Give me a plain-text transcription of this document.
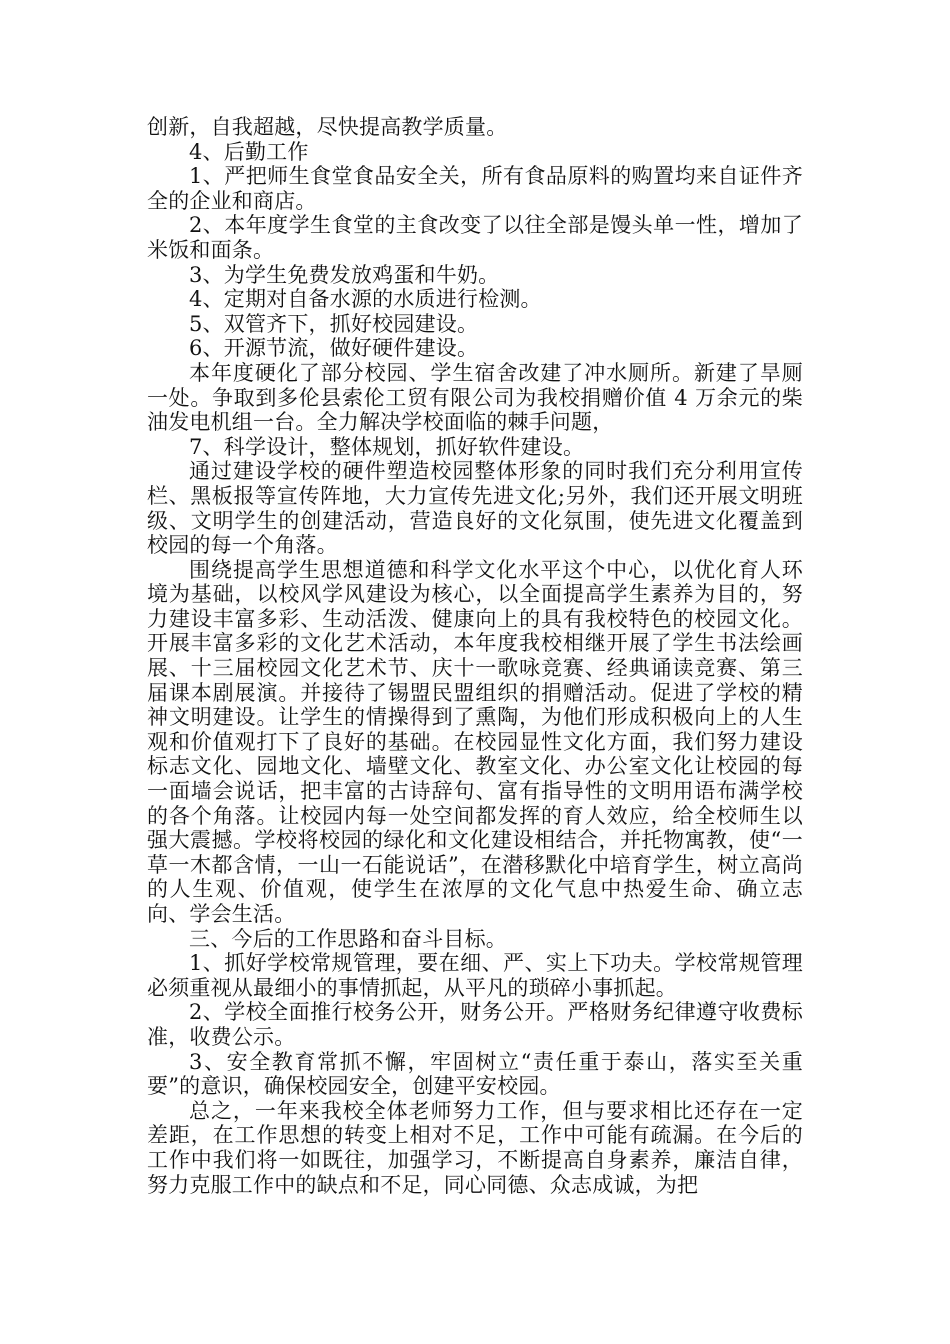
创新，自我超越，尽快提高教学质量。

4、后勤工作

1、严把师生食堂食品安全关，所有食品原料的购置均来自证件齐全的企业和商店。

2、本年度学生食堂的主食改变了以往全部是馒头单一性，增加了米饭和面条。

3、为学生免费发放鸡蛋和牛奶。

4、定期对自备水源的水质进行检测。

5、双管齐下，抓好校园建设。

6、开源节流，做好硬件建设。

本年度硬化了部分校园、学生宿舍改建了冲水厕所。新建了旱厕一处。争取到多伦县索伦工贸有限公司为我校捐赠价值 4 万余元的柴油发电机组一台。全力解决学校面临的棘手问题，

7、科学设计，整体规划，抓好软件建设。

通过建设学校的硬件塑造校园整体形象的同时我们充分利用宣传栏、黑板报等宣传阵地，大力宣传先进文化;另外，我们还开展文明班级、文明学生的创建活动，营造良好的文化氛围，使先进文化覆盖到校园的每一个角落。

围绕提高学生思想道德和科学文化水平这个中心，以优化育人环境为基础，以校风学风建设为核心，以全面提高学生素养为目的，努力建设丰富多彩、生动活泼、健康向上的具有我校特色的校园文化。开展丰富多彩的文化艺术活动，本年度我校相继开展了学生书法绘画展、十三届校园文化艺术节、庆十一歌咏竞赛、经典诵读竞赛、第三届课本剧展演。并接待了锡盟民盟组织的捐赠活动。促进了学校的精神文明建设。让学生的情操得到了熏陶，为他们形成积极向上的人生观和价值观打下了良好的基础。在校园显性文化方面，我们努力建设标志文化、园地文化、墙壁文化、教室文化、办公室文化让校园的每一面墙会说话，把丰富的古诗辞句、富有指导性的文明用语布满学校的各个角落。让校园内每一处空间都发挥的育人效应，给全校师生以强大震撼。学校将校园的绿化和文化建设相结合，并托物寓教，使“一草一木都含情，一山一石能说话”，在潜移默化中培育学生，树立高尚的人生观、价值观，使学生在浓厚的文化气息中热爱生命、确立志向、学会生活。

三、今后的工作思路和奋斗目标。

1、抓好学校常规管理，要在细、严、实上下功夫。学校常规管理必须重视从最细小的事情抓起，从平凡的琐碎小事抓起。

2、学校全面推行校务公开，财务公开。严格财务纪律遵守收费标准，收费公示。

3、安全教育常抓不懈，牢固树立“责任重于泰山，落实至关重要”的意识，确保校园安全，创建平安校园。

总之，一年来我校全体老师努力工作，但与要求相比还存在一定差距，在工作思想的转变上相对不足，工作中可能有疏漏。在今后的工作中我们将一如既往，加强学习，不断提高自身素养，廉洁自律，努力克服工作中的缺点和不足，同心同德、众志成诚，为把
